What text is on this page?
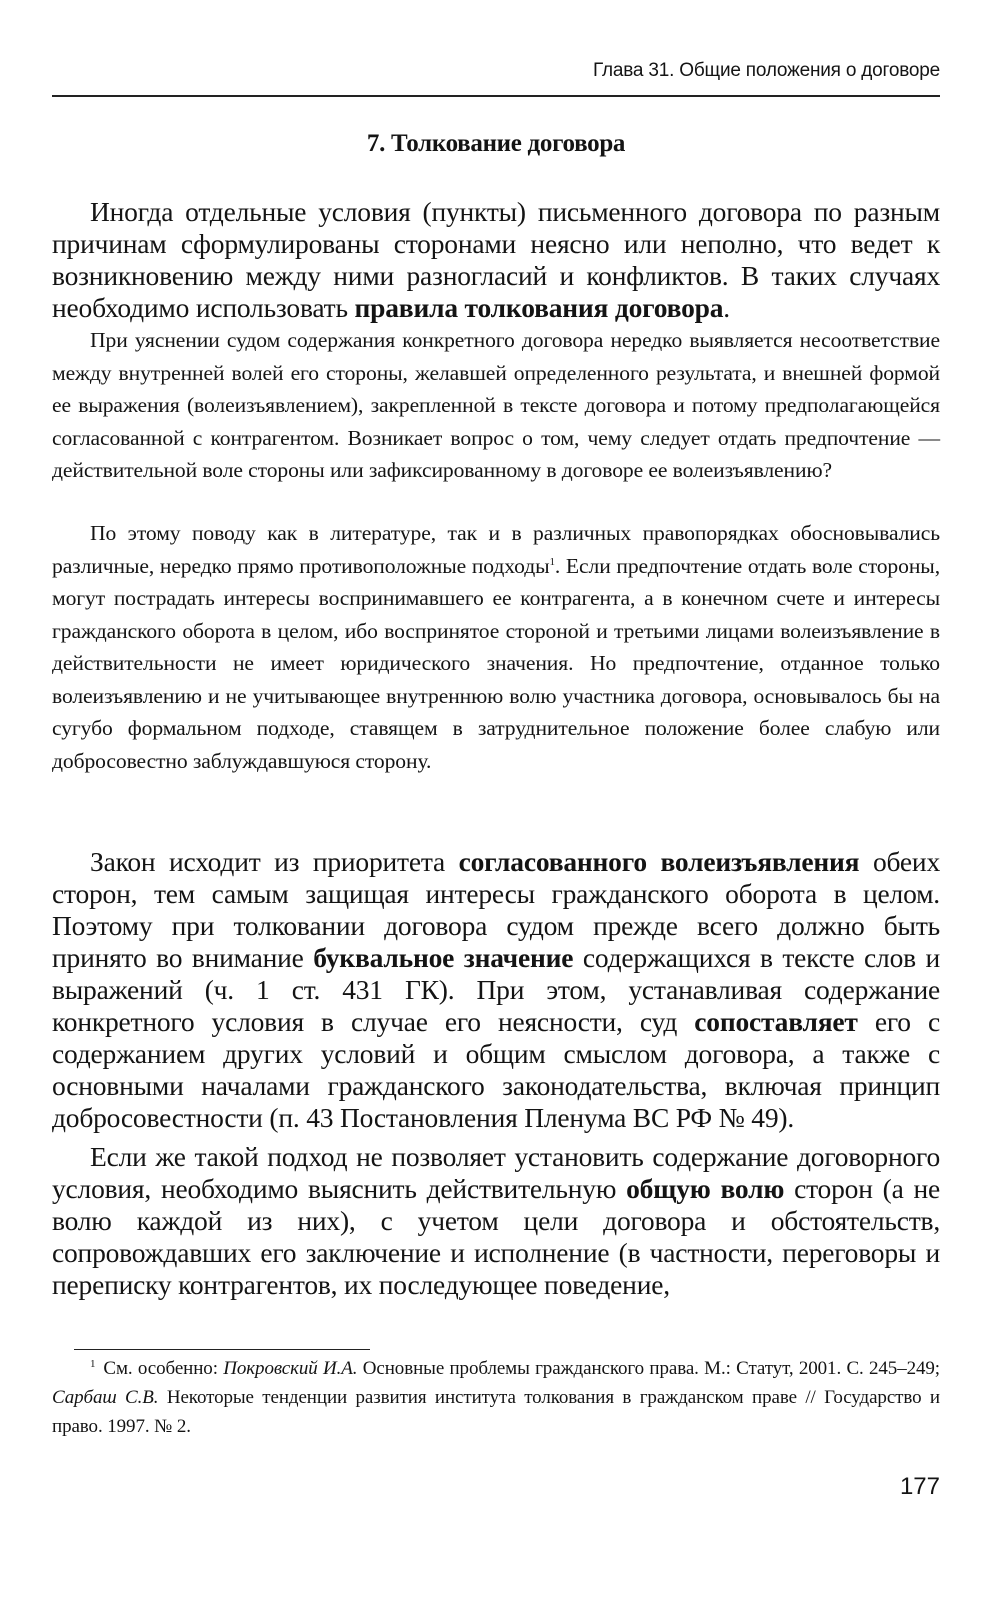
Глава 31. Общие положения о договоре
7. Толкование договора

Иногда отдельные условия (пункты) письменного договора по разным причинам сформулированы сторонами неясно или неполно, что ведет к возникновению между ними разногласий и конфликтов. В таких случаях необходимо использовать правила толкования договора.

При уяснении судом содержания конкретного договора нередко выявляется несоответствие между внутренней волей его стороны, желавшей определенного результата, и внешней формой ее выражения (волеизъявлением), закрепленной в тексте договора и потому предполагающейся согласованной с контрагентом. Возникает вопрос о том, чему следует отдать предпочтение — действительной воле стороны или зафиксированному в договоре ее волеизъявлению?

По этому поводу как в литературе, так и в различных правопорядках обосновывались различные, нередко прямо противоположные подходы$^1$. Если предпочтение отдать воле стороны, могут пострадать интересы воспринимавшего ее контрагента, а в конечном счете и интересы гражданского оборота в целом, ибо воспринятое стороной и третьими лицами волеизъявление в действительности не имеет юридического значения. Но предпочтение, отданное только волеизъявлению и не учитывающее внутреннюю волю участника договора, основывалось бы на сугубо формальном подходе, ставящем в затруднительное положение более слабую или добросовестно заблуждавшуюся сторону.

Закон исходит из приоритета согласованного волеизъявления обеих сторон, тем самым защищая интересы гражданского оборота в целом. Поэтому при толковании договора судом прежде всего должно быть принято во внимание буквальное значение содержащихся в тексте слов и выражений (ч. 1 ст. 431 ГК). При этом, устанавливая содержание конкретного условия в случае его неясности, суд сопоставляет его с содержанием других условий и общим смыслом договора, а также с основными началами гражданского законодательства, включая принцип добросовестности (п. 43 Постановления Пленума ВС РФ № 49).

Если же такой подход не позволяет установить содержание договорного условия, необходимо выяснить действительную общую волю сторон (а не волю каждой из них), с учетом цели договора и обстоятельств, сопровождавших его заключение и исполнение (в частности, переговоры и переписку контрагентов, их последующее поведение,

$^1$ См. особенно: Покровский И.А. Основные проблемы гражданского права. М.: Статут, 2001. С. 245–249; Сарбаш С.В. Некоторые тенденции развития института толкования в гражданском праве // Государство и право. 1997. № 2.
177
